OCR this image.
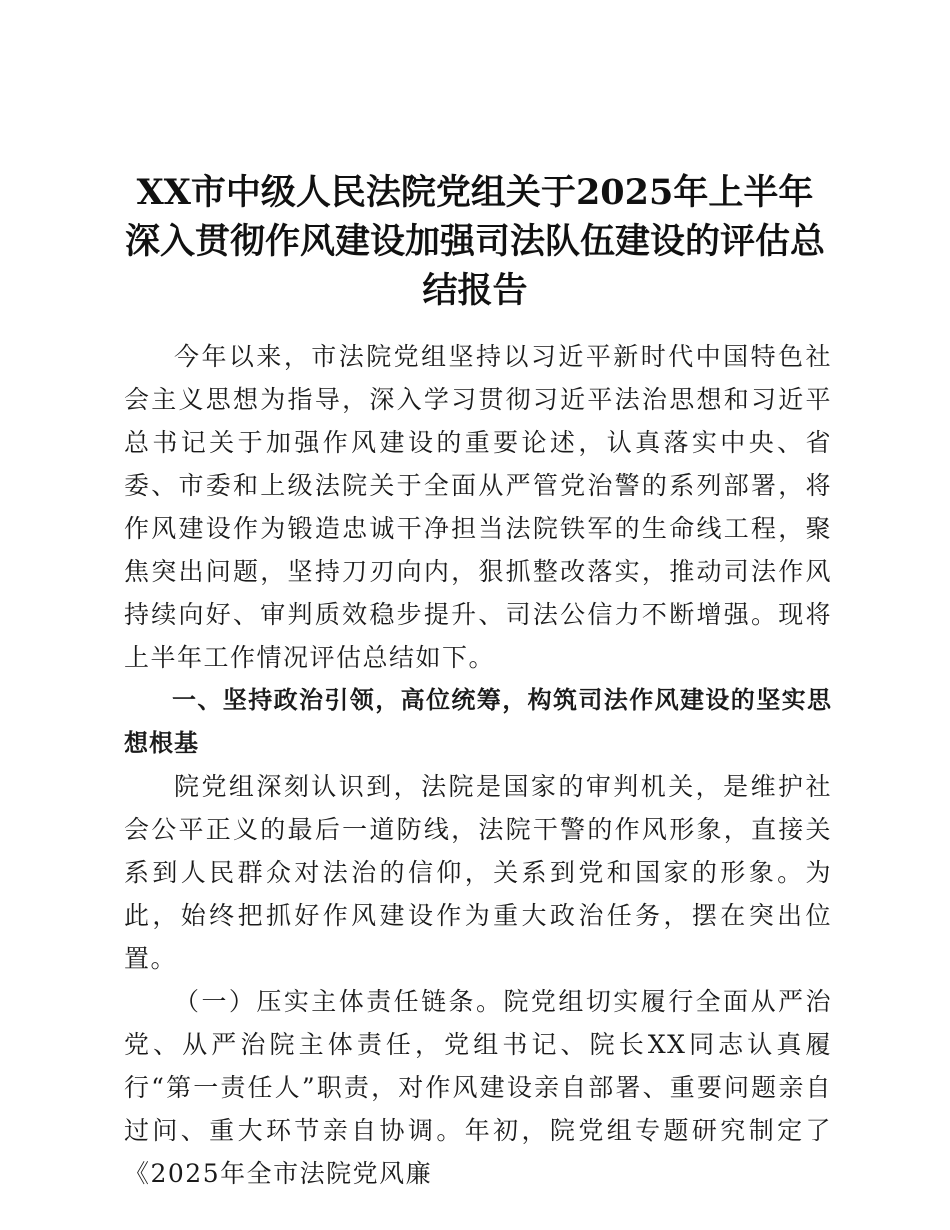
XX市中级人民法院党组关于2025年上半年深入贯彻作风建设加强司法队伍建设的评估总结报告

今年以来，市法院党组坚持以习近平新时代中国特色社会主义思想为指导，深入学习贯彻习近平法治思想和习近平总书记关于加强作风建设的重要论述，认真落实中央、省委、市委和上级法院关于全面从严管党治警的系列部署，将作风建设作为锻造忠诚干净担当法院铁军的生命线工程，聚焦突出问题，坚持刀刃向内，狠抓整改落实，推动司法作风持续向好、审判质效稳步提升、司法公信力不断增强。现将上半年工作情况评估总结如下。

一、坚持政治引领，高位统筹，构筑司法作风建设的坚实思想根基

院党组深刻认识到，法院是国家的审判机关，是维护社会公平正义的最后一道防线，法院干警的作风形象，直接关系到人民群众对法治的信仰，关系到党和国家的形象。为此，始终把抓好作风建设作为重大政治任务，摆在突出位置。

（一）压实主体责任链条。院党组切实履行全面从严治党、从严治院主体责任，党组书记、院长XX同志认真履行“第一责任人”职责，对作风建设亲自部署、重要问题亲自过问、重大环节亲自协调。年初，院党组专题研究制定了《2025年全市法院党风廉
